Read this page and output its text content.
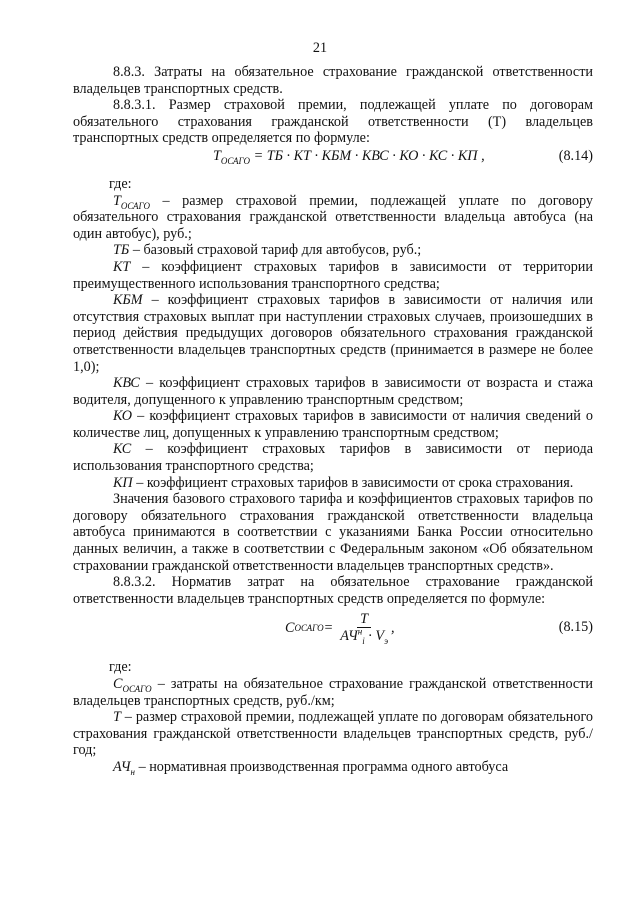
21

8.8.3. Затраты на обязательное страхование гражданской ответственности владельцев транспортных средств.

8.8.3.1. Размер страховой премии, подлежащей уплате по договорам обязательного страхования гражданской ответственности (Т) владельцев транспортных средств определяется по формуле:

$Т_{ОСАГО}$ = ТБ · КТ · КБМ · КВС · КО · КС · КП ,	(8.14)

где:

$Т_{ОСАГО}$ – размер страховой премии, подлежащей уплате по договору обязательного страхования гражданской ответственности владельца автобуса (на один автобус), руб.;

ТБ – базовый страховой тариф для автобусов, руб.;

КТ – коэффициент страховых тарифов в зависимости от территории преимущественного использования транспортного средства;

КБМ – коэффициент страховых тарифов в зависимости от наличия или отсутствия страховых выплат при наступлении страховых случаев, произошедших в период действия предыдущих договоров обязательного страхования гражданской ответственности владельцев транспортных средств (принимается в размере не более 1,0);

КВС – коэффициент страховых тарифов в зависимости от возраста и стажа водителя, допущенного к управлению транспортным средством;

КО – коэффициент страховых тарифов в зависимости от наличия сведений о количестве лиц, допущенных к управлению транспортным средством;

КС – коэффициент страховых тарифов в зависимости от периода использования транспортного средства;

КП – коэффициент страховых тарифов в зависимости от срока страхования.

Значения базового страхового тарифа и коэффициентов страховых тарифов по договору обязательного страхования гражданской ответственности владельца автобуса принимаются в соответствии с указаниями Банка России относительно данных величин, а также в соответствии с Федеральным законом «Об обязательном страховании гражданской ответственности владельцев транспортных средств».

8.8.3.2. Норматив затрат на обязательное страхование гражданской ответственности владельцев транспортных средств определяется по формуле:

С ОСАГО = $\frac{Т}{АЧ^н_i \cdot V_э}$ ,	(8.15)

где:

$С_{ОСАГО}$ – затраты на обязательное страхование гражданской ответственности владельцев транспортных средств, руб./км;

Т – размер страховой премии, подлежащей уплате по договорам обязательного страхования гражданской ответственности владельцев транспортных средств, руб./год;

$АЧ_н$ – нормативная производственная программа одного автобуса
